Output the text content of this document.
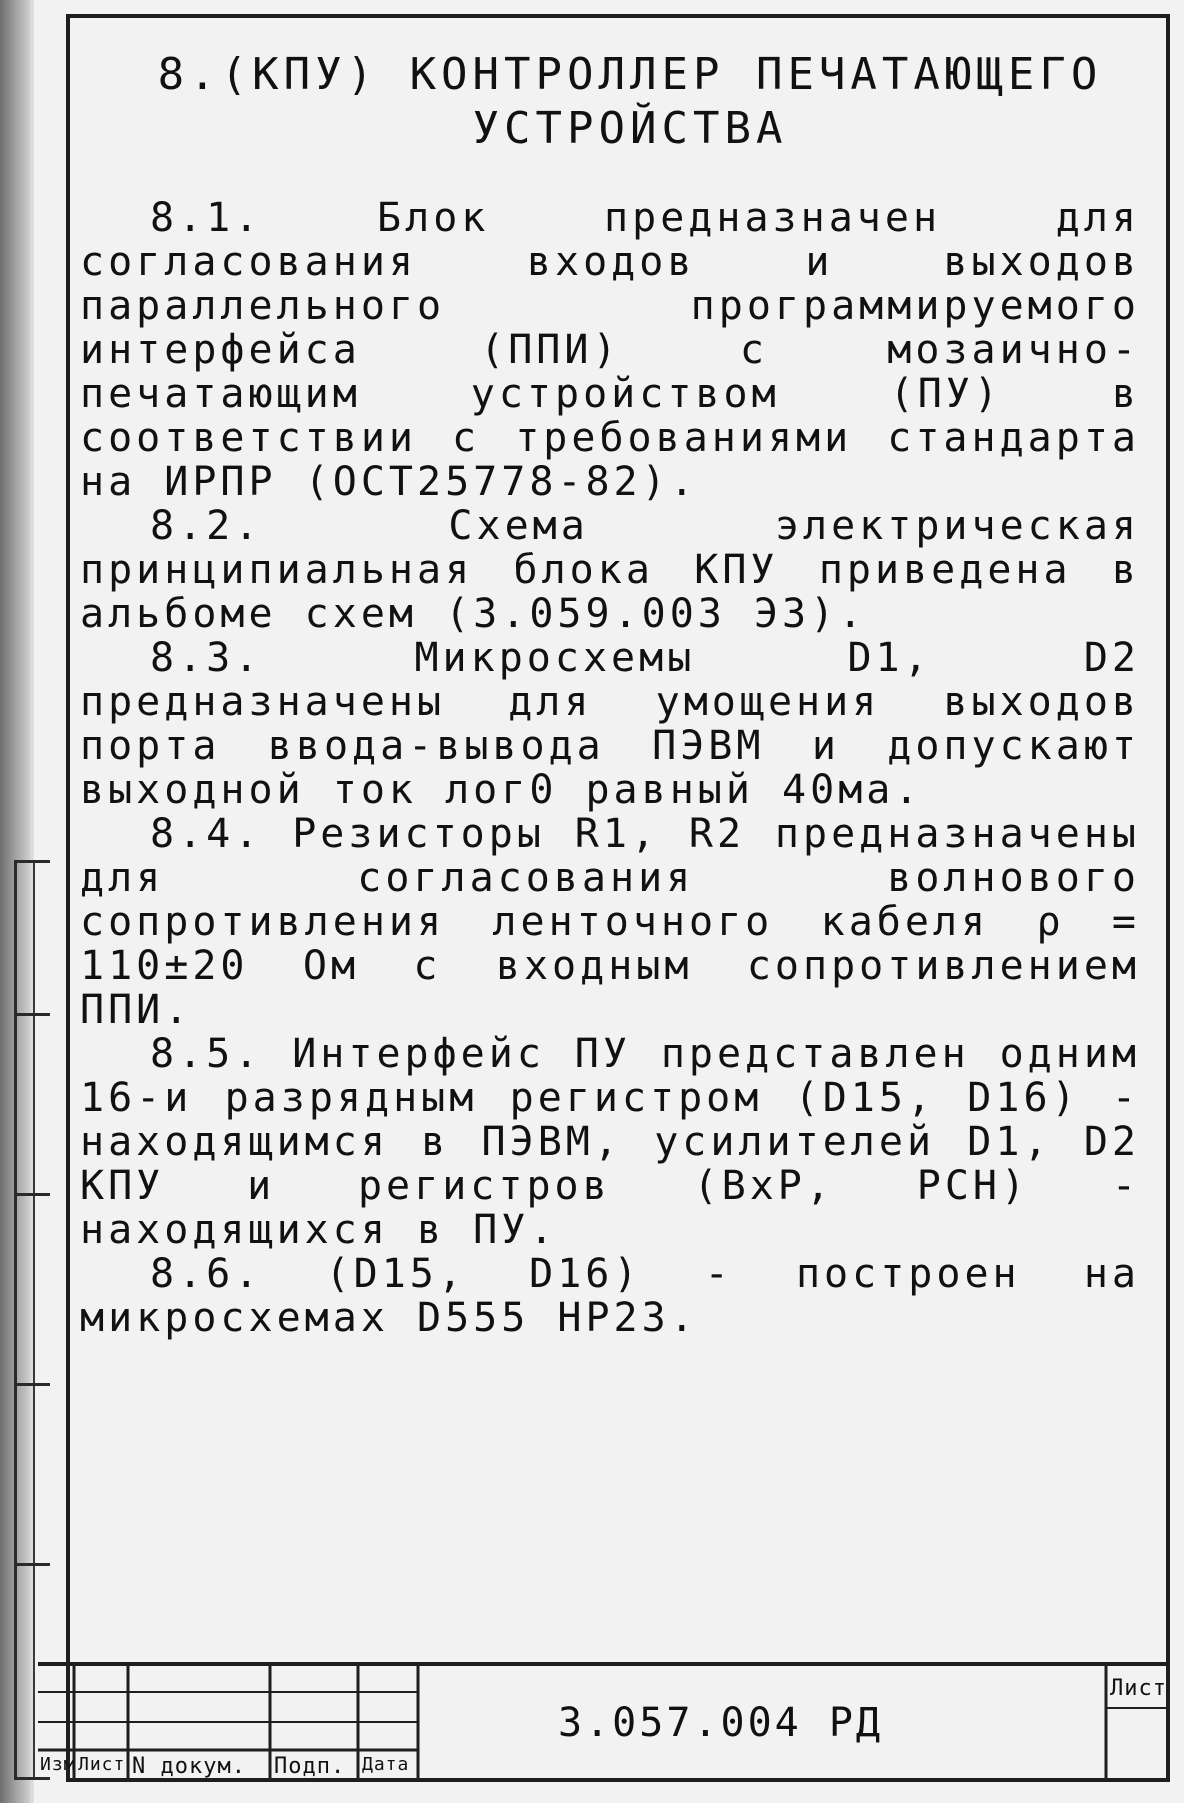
8.(КПУ) КОНТРОЛЛЕР ПЕЧАТАЮЩЕГО
УСТРОЙСТВА

8.1. Блок предназначен для согласования входов и выходов параллельного программируемого интерфейса (ППИ) с мозаично-печатающим устройством (ПУ) в соответствии с требованиями стандарта на ИРПР (ОСТ25778-82).

8.2. Схема электрическая принципиальная блока КПУ приведена в альбоме схем (3.059.003 Э3).

8.3. Микросхемы D1, D2 предназначены для умощения выходов порта ввода-вывода ПЭВМ и допускают выходной ток лог0 равный 40ма.

8.4. Резисторы R1, R2 предназначены для согласования волнового сопротивления ленточного кабеля ρ = 110±20 Ом с входным сопротивлением ППИ.

8.5. Интерфейс ПУ представлен одним 16-и разрядным регистром (D15, D16) - находящимся в ПЭВМ, усилителей D1, D2 КПУ и регистров (ВхР, РСН) - находящихся в ПУ.

8.6. (D15, D16) - построен на микросхемах D555 НР23.

3.057.004 РД
Лист
Изм Лист N докум. Подп. Дата
